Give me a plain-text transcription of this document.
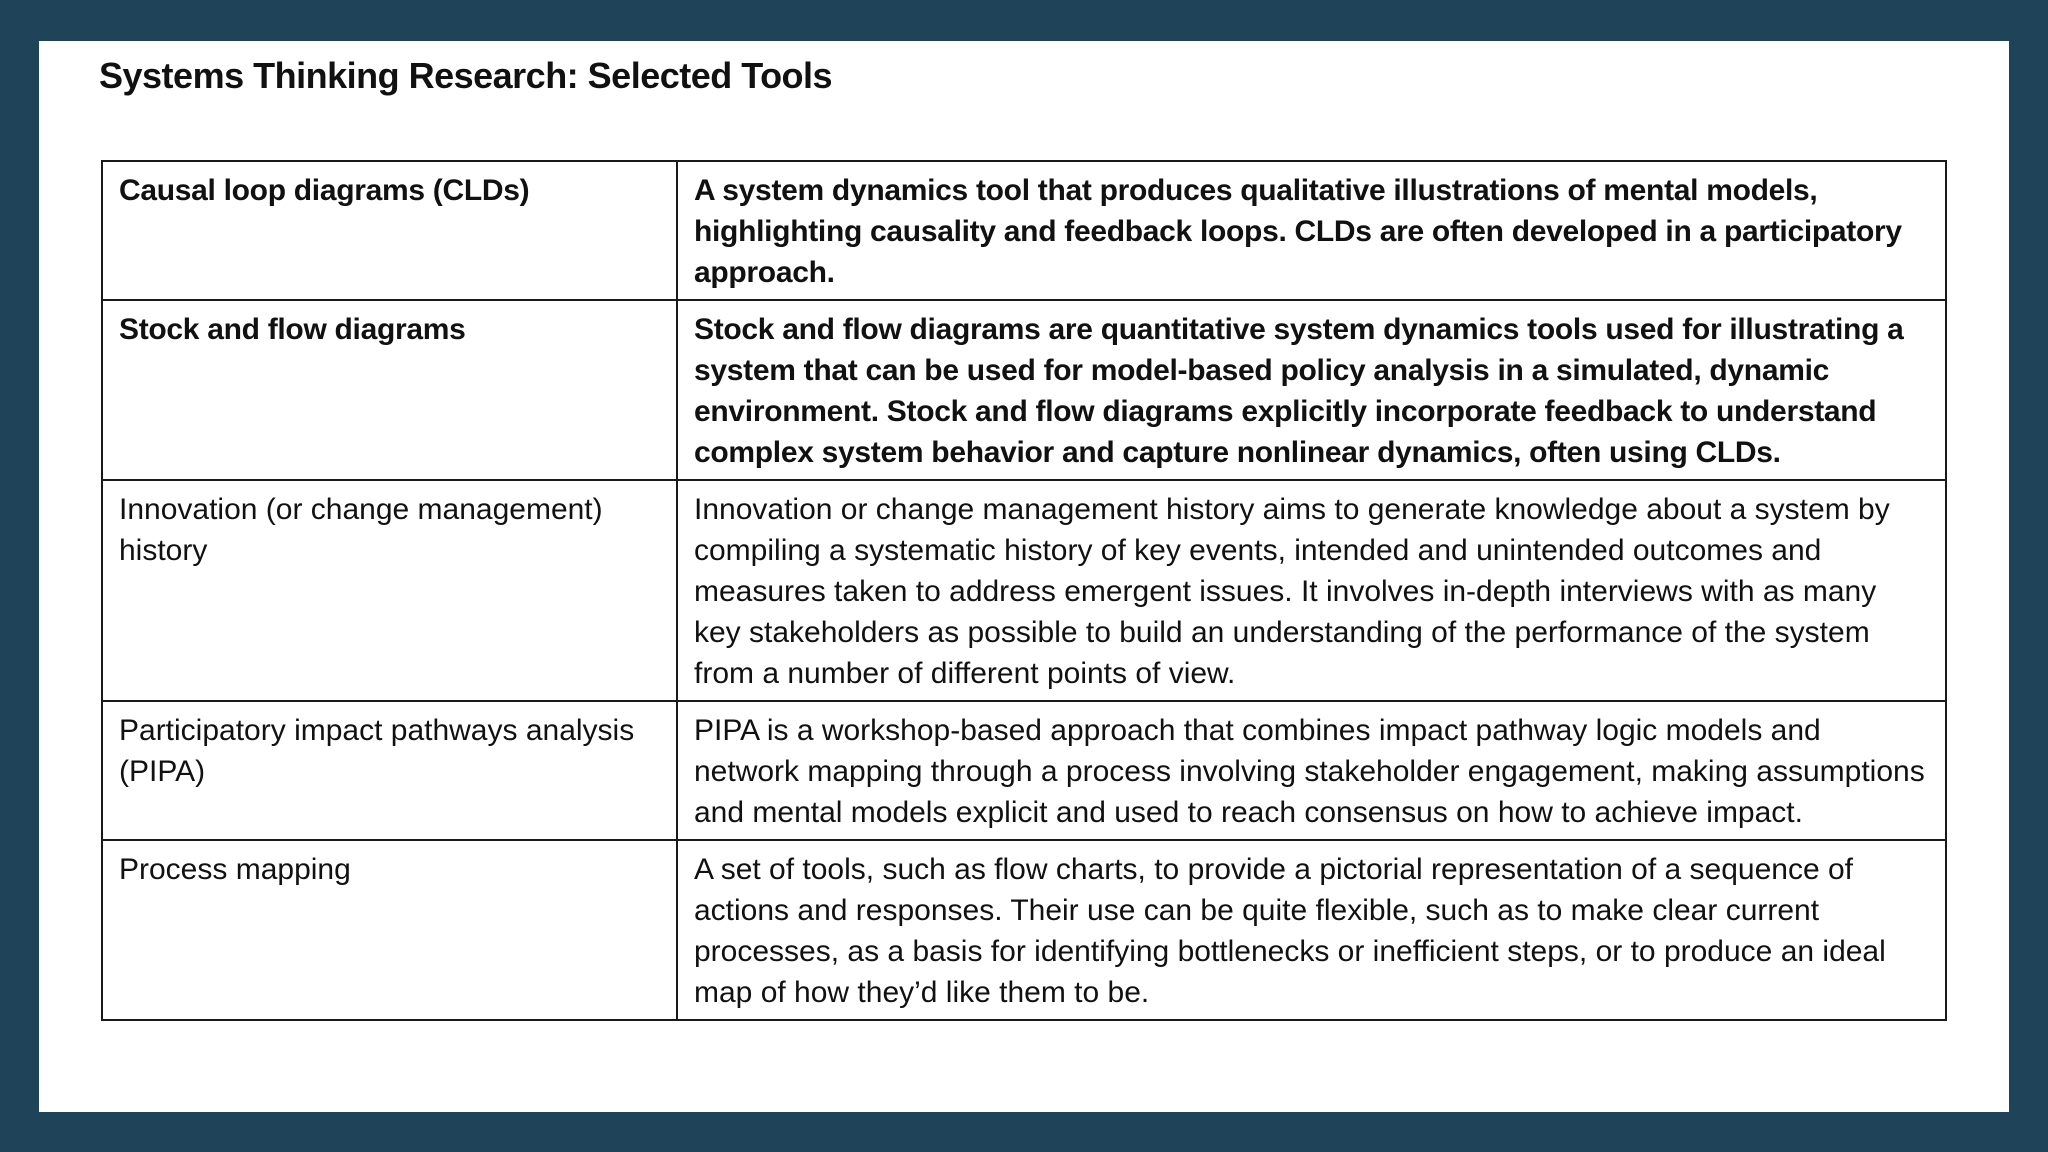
Systems Thinking Research: Selected Tools
Causal loop diagrams (CLDs)	A system dynamics tool that produces qualitative illustrations of mental models, highlighting causality and feedback loops. CLDs are often developed in a participatory approach.
Stock and flow diagrams	Stock and flow diagrams are quantitative system dynamics tools used for illustrating a system that can be used for model-based policy analysis in a simulated, dynamic environment. Stock and flow diagrams explicitly incorporate feedback to understand complex system behavior and capture nonlinear dynamics, often using CLDs.
Innovation (or change management) history	Innovation or change management history aims to generate knowledge about a system by compiling a systematic history of key events, intended and unintended outcomes and measures taken to address emergent issues. It involves in-depth interviews with as many key stakeholders as possible to build an understanding of the performance of the system from a number of different points of view.
Participatory impact pathways analysis (PIPA)	PIPA is a workshop-based approach that combines impact pathway logic models and network mapping through a process involving stakeholder engagement, making assumptions and mental models explicit and used to reach consensus on how to achieve impact.
Process mapping	A set of tools, such as flow charts, to provide a pictorial representation of a sequence of actions and responses. Their use can be quite flexible, such as to make clear current processes, as a basis for identifying bottlenecks or inefficient steps, or to produce an ideal map of how they’d like them to be.
